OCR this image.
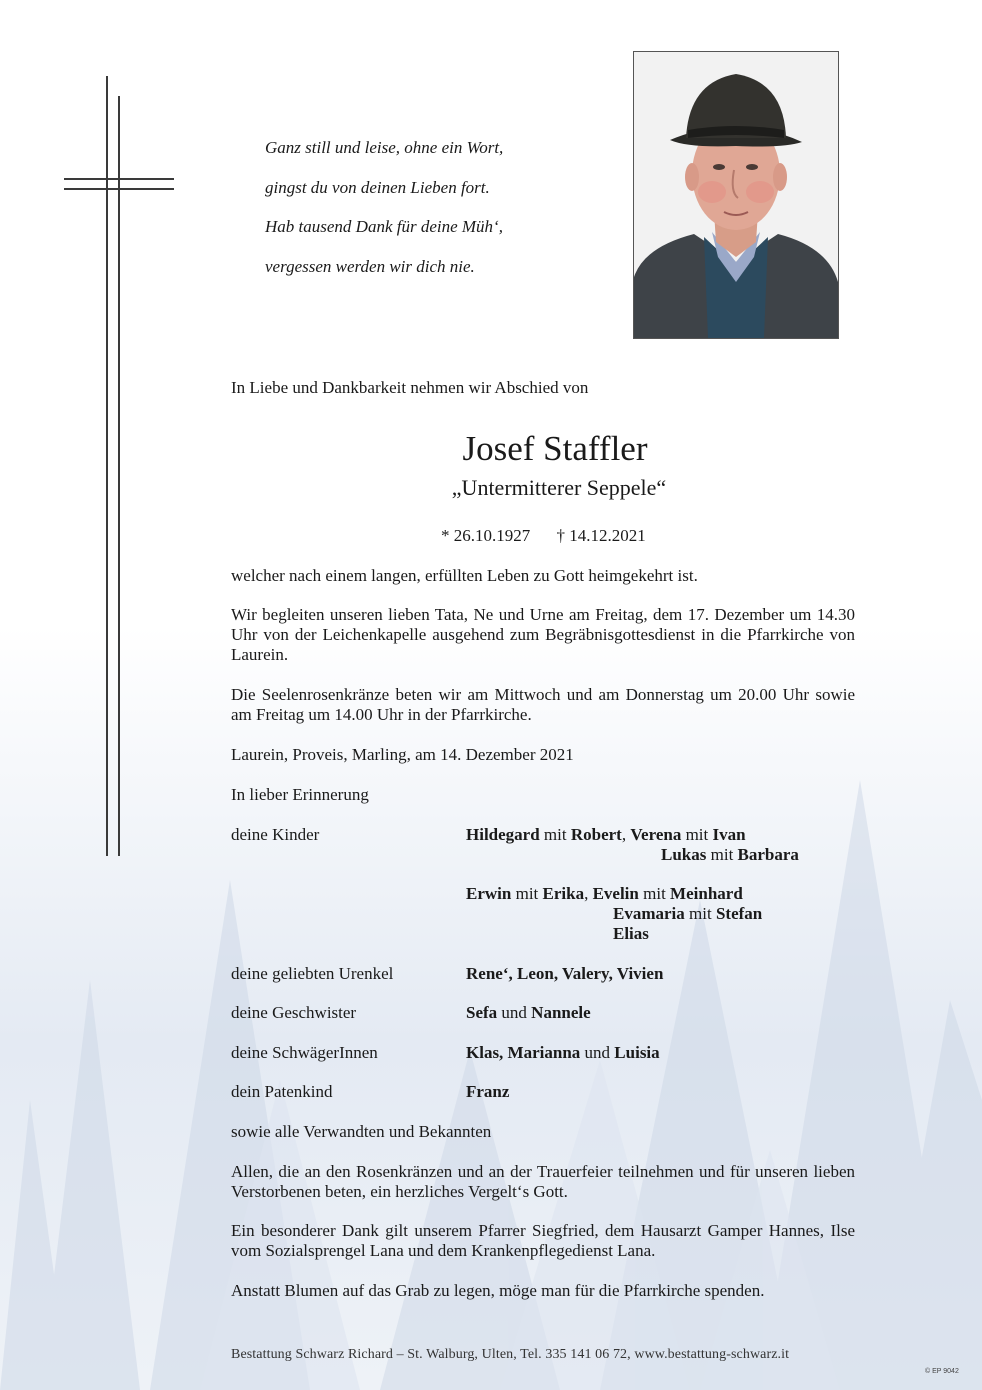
Ganz still und leise, ohne ein Wort,
gingst du von deinen Lieben fort.
Hab tausend Dank für deine Müh‘,
vergessen werden wir dich nie.
In Liebe und Dankbarkeit nehmen wir Abschied von
Josef Staffler
„Untermitterer Seppele“
* 26.10.1927 † 14.12.2021
welcher nach einem langen, erfüllten Leben zu Gott heimgekehrt ist.
Wir begleiten unseren lieben Tata, Ne und Urne am Freitag, dem 17. Dezember um 14.30 Uhr von der Leichenkapelle ausgehend zum Begräbnisgottesdienst in die Pfarrkirche von Laurein.
Die Seelenrosenkränze beten wir am Mittwoch und am Donnerstag um 20.00 Uhr sowie am Freitag um 14.00 Uhr in der Pfarrkirche.
Laurein, Proveis, Marling, am 14. Dezember 2021
In lieber Erinnerung
deine Kinder	Hildegard mit Robert, Verena mit Ivan
Lukas mit Barbara
Erwin mit Erika, Evelin mit Meinhard
Evamaria mit Stefan
Elias
deine geliebten Urenkel	Rene‘, Leon, Valery, Vivien
deine Geschwister	Sefa und Nannele
deine SchwägerInnen	Klas, Marianna und Luisia
dein Patenkind	Franz
sowie alle Verwandten und Bekannten
Allen, die an den Rosenkränzen und an der Trauerfeier teilnehmen und für unseren lieben Verstorbenen beten, ein herzliches Vergelt‘s Gott.
Ein besonderer Dank gilt unserem Pfarrer Siegfried, dem Hausarzt Gamper Hannes, Ilse vom Sozialsprengel Lana und dem Krankenpflegedienst Lana.
Anstatt Blumen auf das Grab zu legen, möge man für die Pfarrkirche spenden.
Bestattung Schwarz Richard – St. Walburg, Ulten, Tel. 335 141 06 72, www.bestattung-schwarz.it
© EP 9042
